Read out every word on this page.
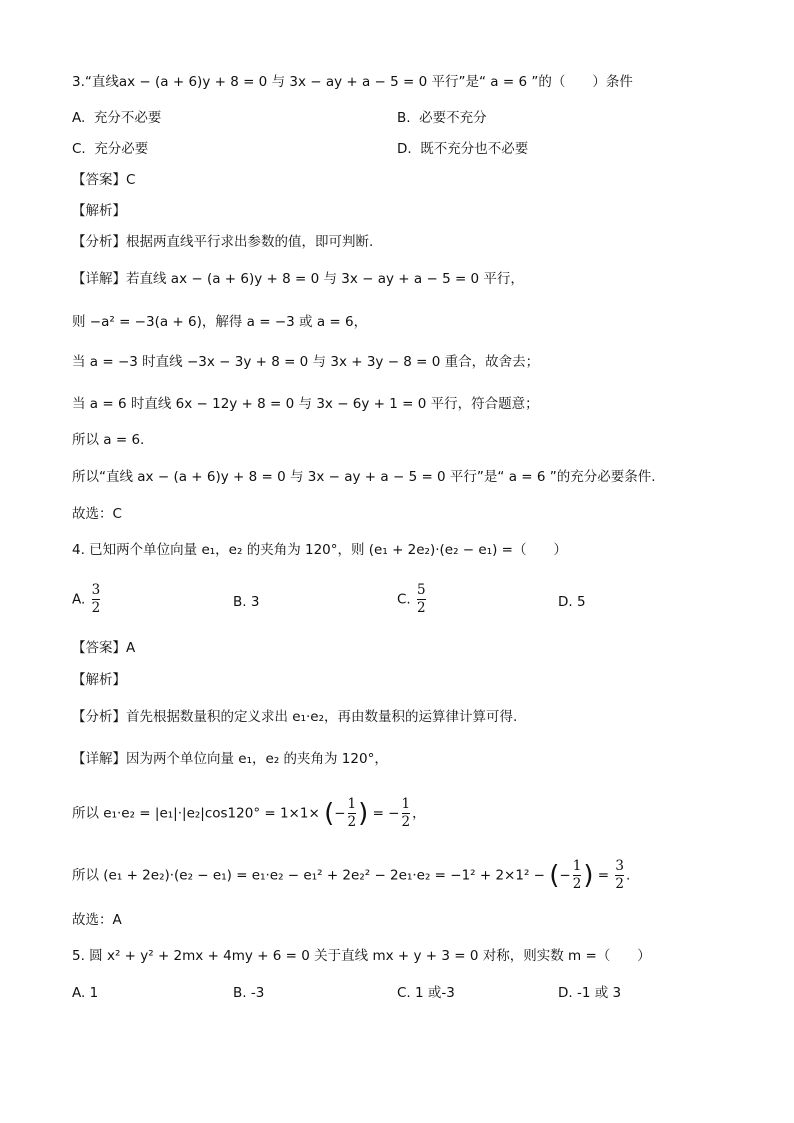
3.“直线ax − (a + 6)y + 8 = 0 与 3x − ay + a − 5 = 0 平行”是“ a = 6 ”的（　　）条件
A. 充分不必要	B. 必要不充分
C. 充分必要	D. 既不充分也不必要
【答案】C
【解析】
【分析】根据两直线平行求出参数的值，即可判断.
【详解】若直线 ax − (a + 6)y + 8 = 0 与 3x − ay + a − 5 = 0 平行，
则 −a² = −3(a + 6)，解得 a = −3 或 a = 6，
当 a = −3 时直线 −3x − 3y + 8 = 0 与 3x + 3y − 8 = 0 重合，故舍去；
当 a = 6 时直线 6x − 12y + 8 = 0 与 3x − 6y + 1 = 0 平行，符合题意；
所以 a = 6.
所以“直线 ax − (a + 6)y + 8 = 0 与 3x − ay + a − 5 = 0 平行”是“ a = 6 ”的充分必要条件.
故选：C
4. 已知两个单位向量 e₁，e₂ 的夹角为 120°，则 (e₁ + 2e₂)·(e₂ − e₁) =（　　）
A. $\frac{3}{2}$	B. 3	C. $\frac{5}{2}$	D. 5
【答案】A
【解析】
【分析】首先根据数量积的定义求出 e₁·e₂，再由数量积的运算律计算可得.
【详解】因为两个单位向量 e₁，e₂ 的夹角为 120°，
所以 e₁·e₂ = |e₁|·|e₂|cos120° = 1×1× (− $\frac{1}{2}$ ) = − $\frac{1}{2}$ ，
所以 (e₁ + 2e₂)·(e₂ − e₁) = e₁·e₂ − e₁² + 2e₂² − 2e₁·e₂ = −1² + 2×1² − (− $\frac{1}{2}$ ) = $\frac{3}{2}$ .
故选：A
5. 圆 x² + y² + 2mx + 4my + 6 = 0 关于直线 mx + y + 3 = 0 对称，则实数 m =（　　）
A. 1	B. -3	C. 1 或-3	D. -1 或 3
